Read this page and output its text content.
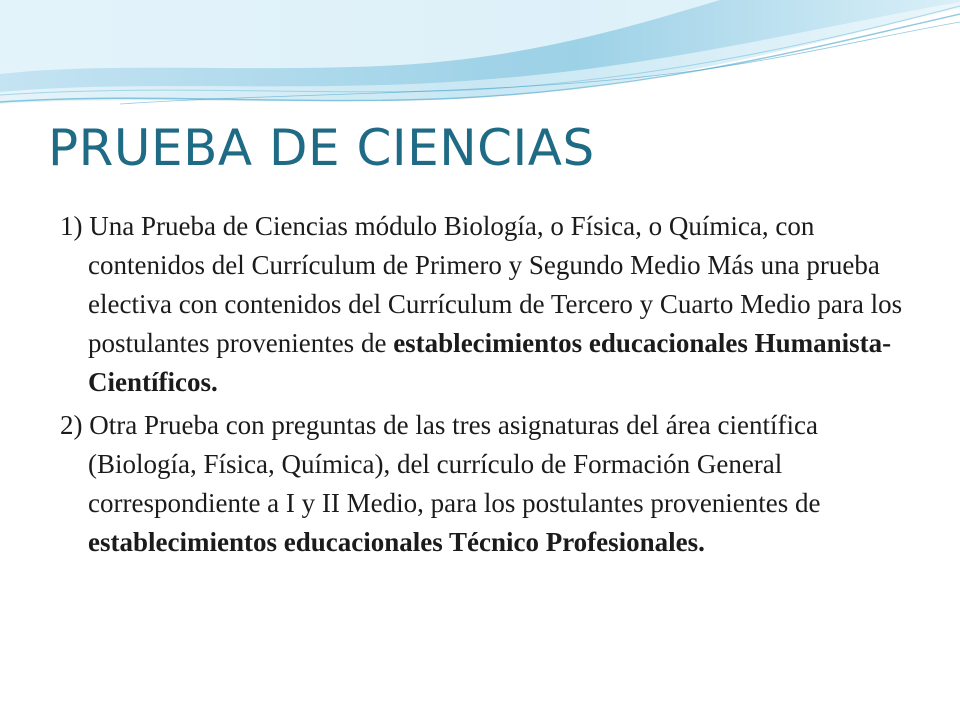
PRUEBA DE CIENCIAS

1) Una Prueba de Ciencias módulo Biología, o Física, o Química, con contenidos del Currículum de Primero y Segundo Medio Más una prueba electiva con contenidos del Currículum de Tercero y Cuarto Medio para los postulantes provenientes de establecimientos educacionales Humanista-Científicos.

2) Otra Prueba con preguntas de las tres asignaturas del área científica (Biología, Física, Química), del currículo de Formación General correspondiente a I y II Medio, para los postulantes provenientes de establecimientos educacionales Técnico Profesionales.
